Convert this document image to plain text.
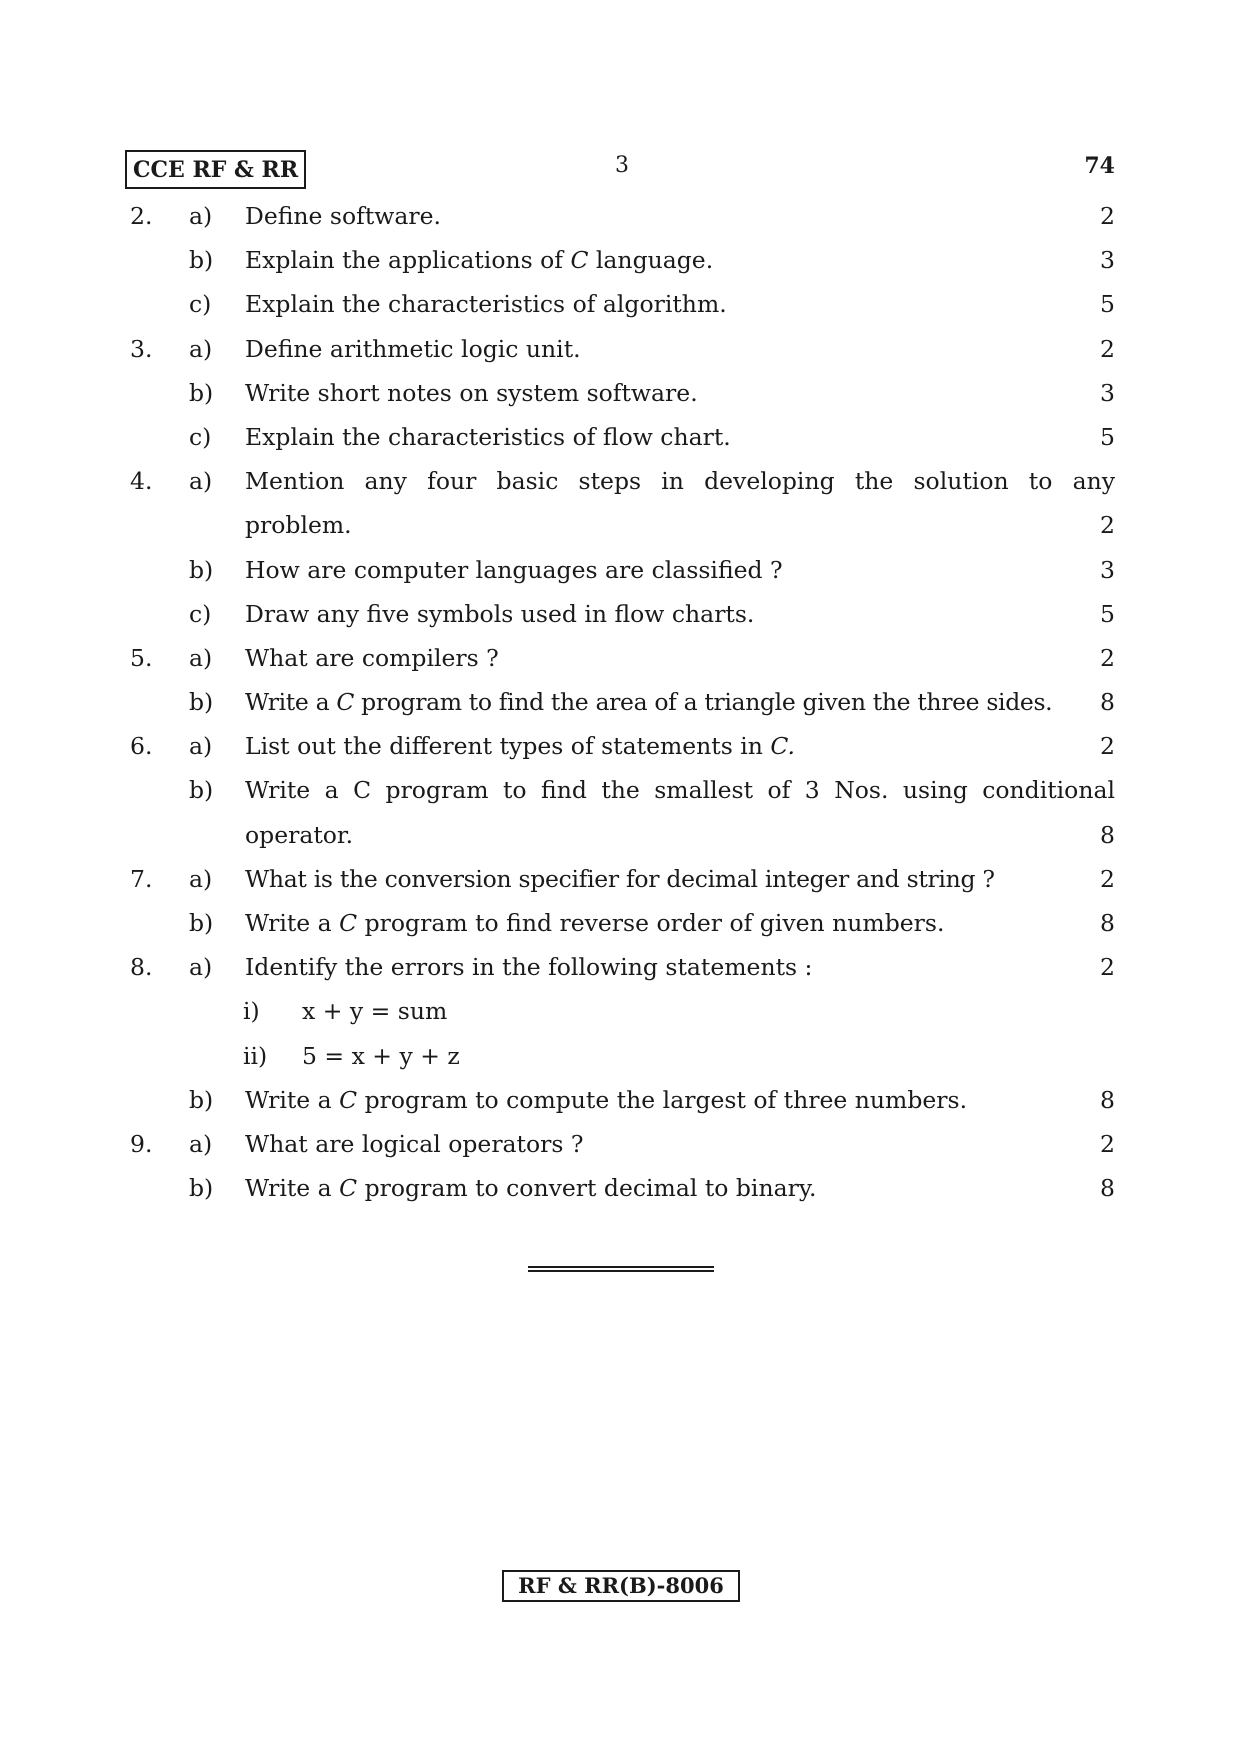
CCE RF & RR	3	74
2. a) Define software.	2
b) Explain the applications of C language.	3
c) Explain the characteristics of algorithm.	5
3. a) Define arithmetic logic unit.	2
b) Write short notes on system software.	3
c) Explain the characteristics of flow chart.	5
4. a) Mention any four basic steps in developing the solution to any
problem.	2
b) How are computer languages are classified ?	3
c) Draw any five symbols used in flow charts.	5
5. a) What are compilers ?	2
b) Write a C program to find the area of a triangle given the three sides.	8
6. a) List out the different types of statements in C.	2
b) Write a C program to find the smallest of 3 Nos. using conditional
operator.	8
7. a) What is the conversion specifier for decimal integer and string ?	2
b) Write a C program to find reverse order of given numbers.	8
8. a) Identify the errors in the following statements :	2
i) x + y = sum
ii) 5 = x + y + z
b) Write a C program to compute the largest of three numbers.	8
9. a) What are logical operators ?	2
b) Write a C program to convert decimal to binary.	8
RF & RR(B)-8006
